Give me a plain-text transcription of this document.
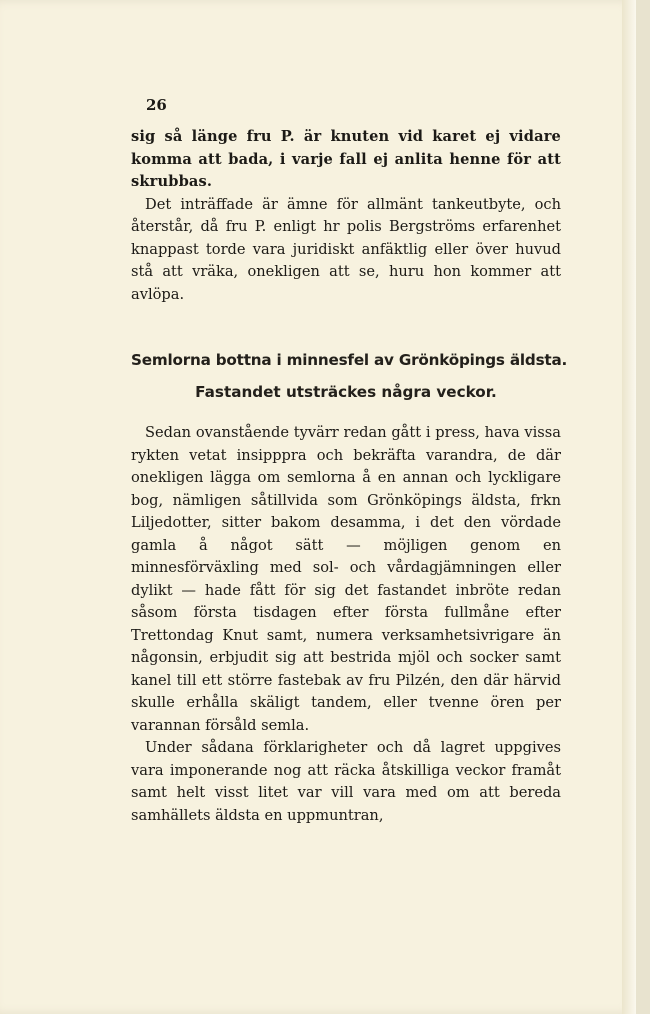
26

sig så länge fru P. är knuten vid karet ej vidare komma att bada, i varje fall ej anlita henne för att skrubbas.

Det inträffade är ämne för allmänt tankeutbyte, och återstår, då fru P. enligt hr polis Bergströms erfarenhet knappast torde vara juridiskt anfäktlig eller över huvud stå att vräka, onekligen att se, huru hon kommer att avlöpa.

Semlorna bottna i minnesfel av Grönköpings äldsta.
Fastandet utsträckes några veckor.

Sedan ovanstående tyvärr redan gått i press, hava vissa rykten vetat insipppra och bekräfta varandra, de där onekligen lägga om semlorna å en annan och lyckligare bog, nämligen såtillvida som Grönköpings äldsta, frkn Liljedotter, sitter bakom desamma, i det den vördade gamla å något sätt — möjligen genom en minnesförväxling med sol- och vårdagjämningen eller dylikt — hade fått för sig det fastandet inbröte redan såsom första tisdagen efter första fullmåne efter Trettondag Knut samt, numera verksamhetsivrigare än någonsin, erbjudit sig att bestrida mjöl och socker samt kanel till ett större fastebak av fru Pilzén, den där härvid skulle erhålla skäligt tandem, eller tvenne ören per varannan försåld semla.

Under sådana förklarigheter och då lagret uppgives vara imponerande nog att räcka åtskilliga veckor framåt samt helt visst litet var vill vara med om att bereda samhällets äldsta en uppmuntran,
